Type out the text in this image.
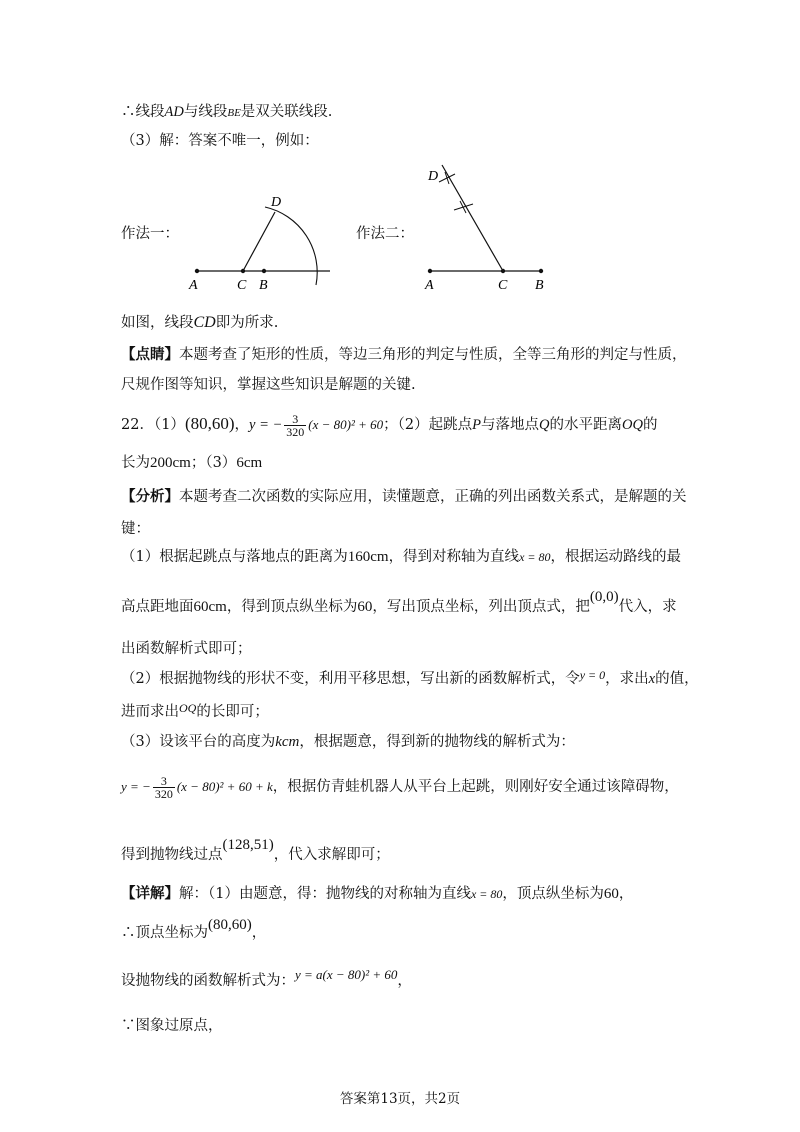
∴线段AD与线段BE是双关联线段.
（3）解：答案不唯一，例如：
作法一：	作法二：
D
A	C B
D
A	C B
如图，线段CD即为所求.
【点睛】本题考查了矩形的性质，等边三角形的判定与性质，全等三角形的判定与性质，
尺规作图等知识，掌握这些知识是解题的关键.
22．（1）(80,60)，y = − $\frac{3}{320} (x - 80)^2 + 60$；（2）起跳点P与落地点Q的水平距离OQ的
长为200cm；（3）6cm
【分析】本题考查二次函数的实际应用，读懂题意，正确的列出函数关系式，是解题的关
键：
（1）根据起跳点与落地点的距离为160cm，得到对称轴为直线x = 80，根据运动路线的最
高点距地面60cm，得到顶点纵坐标为60，写出顶点坐标，列出顶点式，把(0,0)代入，求
出函数解析式即可；
（2）根据抛物线的形状不变，利用平移思想，写出新的函数解析式，令$^{y = 0}$，求出x的值，
进而求出$^{OQ}$的长即可；
（3）设该平台的高度为kcm，根据题意，得到新的抛物线的解析式为：
y = − $\frac{3}{320} (x - 80)^2 + 60 + k$，根据仿青蛙机器人从平台上起跳，则刚好安全通过该障碍物，
得到抛物线过点(128,51)，代入求解即可；
【详解】解：（1）由题意，得：抛物线的对称轴为直线x = 80，顶点纵坐标为60，
∴顶点坐标为(80,60)，
设抛物线的函数解析式为：y = a(x − 80)² + 60，
∵图象过原点，
答案第13页，共2页
